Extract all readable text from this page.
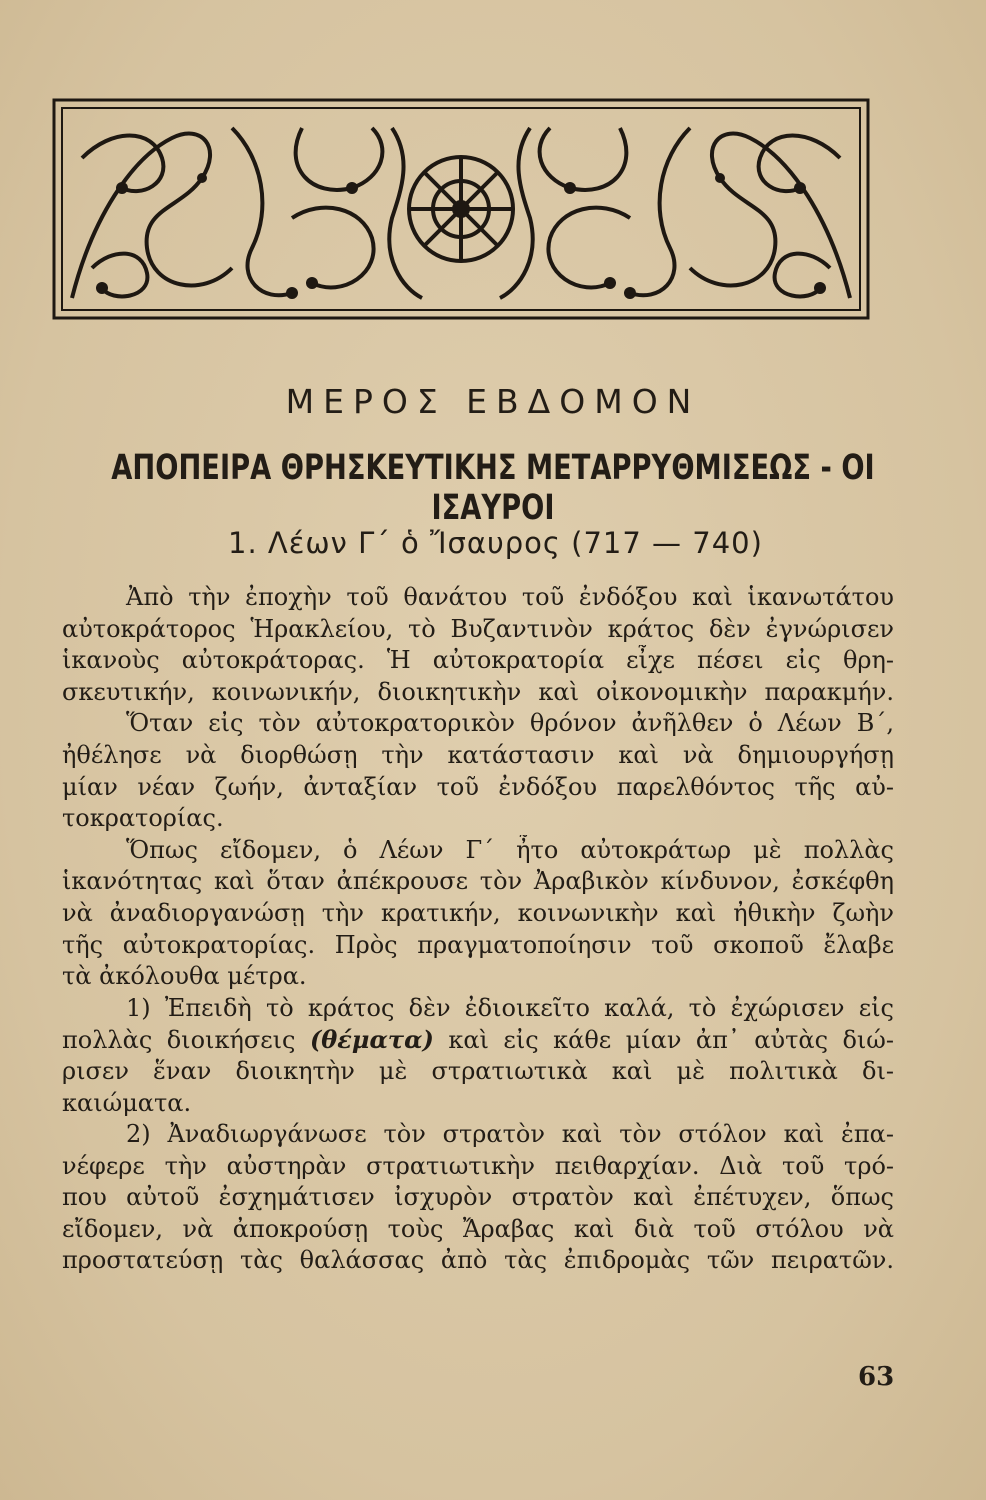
ΜΕΡΟΣ ΕΒΔΟΜΟΝ
ΑΠΟΠΕΙΡΑ ΘΡΗΣΚΕΥΤΙΚΗΣ ΜΕΤΑΡΡΥΘΜΙΣΕΩΣ - ΟΙ ΙΣΑΥΡΟΙ
1. Λέων Γ΄ ὁ Ἴσαυρος (717 — 740)
Ἀπὸ τὴν ἐποχὴν τοῦ θανάτου τοῦ ἐνδόξου καὶ ἱκανωτάτου
αὐτοκράτορος Ἡρακλείου, τὸ Βυζαντινὸν κράτος δὲν ἐγνώρισεν
ἱκανοὺς αὐτοκράτορας. Ἡ αὐτοκρατορία εἶχε πέσει εἰς θρη-
σκευτικήν, κοινωνικήν, διοικητικὴν καὶ οἰκονομικὴν παρακμήν.
Ὅταν εἰς τὸν αὐτοκρατορικὸν θρόνον ἀνῆλθεν ὁ Λέων Β΄,
ἠθέλησε νὰ διορθώσῃ τὴν κατάστασιν καὶ νὰ δημιουργήσῃ
μίαν νέαν ζωήν, ἀνταξίαν τοῦ ἐνδόξου παρελθόντος τῆς αὐ-
τοκρατορίας.
Ὅπως εἴδομεν, ὁ Λέων Γ΄ ἦτο αὐτοκράτωρ μὲ πολλὰς
ἱκανότητας καὶ ὅταν ἀπέκρουσε τὸν Ἀραβικὸν κίνδυνον, ἐσκέφθη
νὰ ἀναδιοργανώσῃ τὴν κρατικήν, κοινωνικὴν καὶ ἠθικὴν ζωὴν
τῆς αὐτοκρατορίας. Πρὸς πραγματοποίησιν τοῦ σκοποῦ ἔλαβε
τὰ ἀκόλουθα μέτρα.
1) Ἐπειδὴ τὸ κράτος δὲν ἐδιοικεῖτο καλά, τὸ ἐχώρισεν εἰς
πολλὰς διοικήσεις (θέματα) καὶ εἰς κάθε μίαν ἀπ᾽ αὐτὰς διώ-
ρισεν ἕναν διοικητὴν μὲ στρατιωτικὰ καὶ μὲ πολιτικὰ δι-
καιώματα.
2) Ἀναδιωργάνωσε τὸν στρατὸν καὶ τὸν στόλον καὶ ἐπα-
νέφερε τὴν αὐστηρὰν στρατιωτικὴν πειθαρχίαν. Διὰ τοῦ τρό-
που αὐτοῦ ἐσχημάτισεν ἰσχυρὸν στρατὸν καὶ ἐπέτυχεν, ὅπως
εἴδομεν, νὰ ἀποκρούσῃ τοὺς Ἄραβας καὶ διὰ τοῦ στόλου νὰ
προστατεύσῃ τὰς θαλάσσας ἀπὸ τὰς ἐπιδρομὰς τῶν πειρατῶν.
63
